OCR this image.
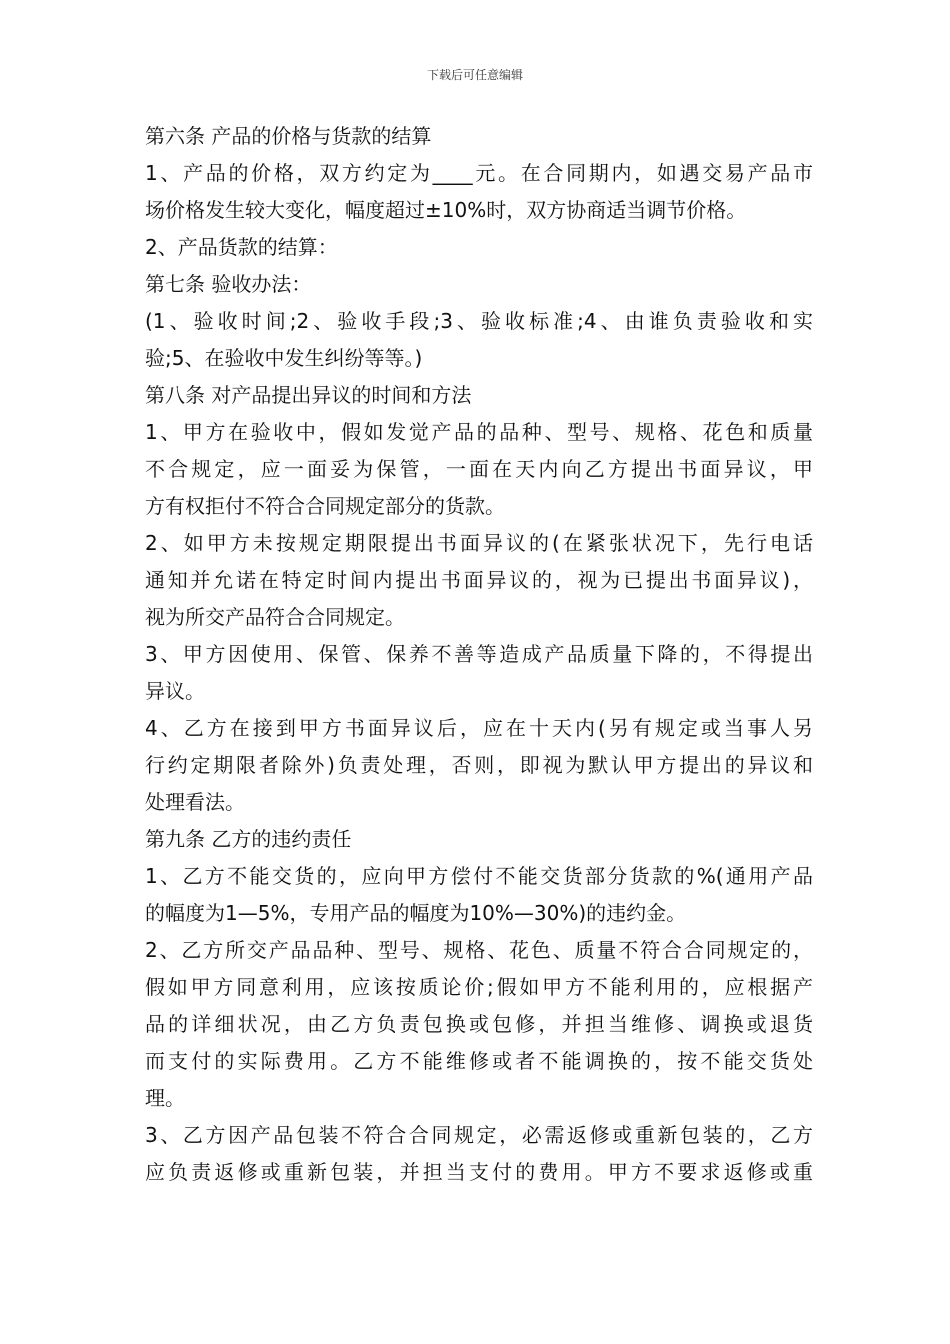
下载后可任意编辑
第六条 产品的价格与货款的结算
1、产品的价格，双方约定为____元。在合同期内，如遇交易产品市
场价格发生较大变化，幅度超过±10%时，双方协商适当调节价格。
2、产品货款的结算：
第七条 验收办法：
(1、验收时间;2、验收手段;3、验收标准;4、由谁负责验收和实
验;5、在验收中发生纠纷等等。)
第八条 对产品提出异议的时间和方法
1、甲方在验收中，假如发觉产品的品种、型号、规格、花色和质量
不合规定，应一面妥为保管，一面在天内向乙方提出书面异议，甲
方有权拒付不符合合同规定部分的货款。
2、如甲方未按规定期限提出书面异议的(在紧张状况下，先行电话
通知并允诺在特定时间内提出书面异议的，视为已提出书面异议)，
视为所交产品符合合同规定。
3、甲方因使用、保管、保养不善等造成产品质量下降的，不得提出
异议。
4、乙方在接到甲方书面异议后，应在十天内(另有规定或当事人另
行约定期限者除外)负责处理，否则，即视为默认甲方提出的异议和
处理看法。
第九条 乙方的违约责任
1、乙方不能交货的，应向甲方偿付不能交货部分货款的%(通用产品
的幅度为1—5%，专用产品的幅度为10%—30%)的违约金。
2、乙方所交产品品种、型号、规格、花色、质量不符合合同规定的，
假如甲方同意利用，应该按质论价;假如甲方不能利用的，应根据产
品的详细状况，由乙方负责包换或包修，并担当维修、调换或退货
而支付的实际费用。乙方不能维修或者不能调换的，按不能交货处
理。
3、乙方因产品包装不符合合同规定，必需返修或重新包装的，乙方
应负责返修或重新包装，并担当支付的费用。甲方不要求返修或重
